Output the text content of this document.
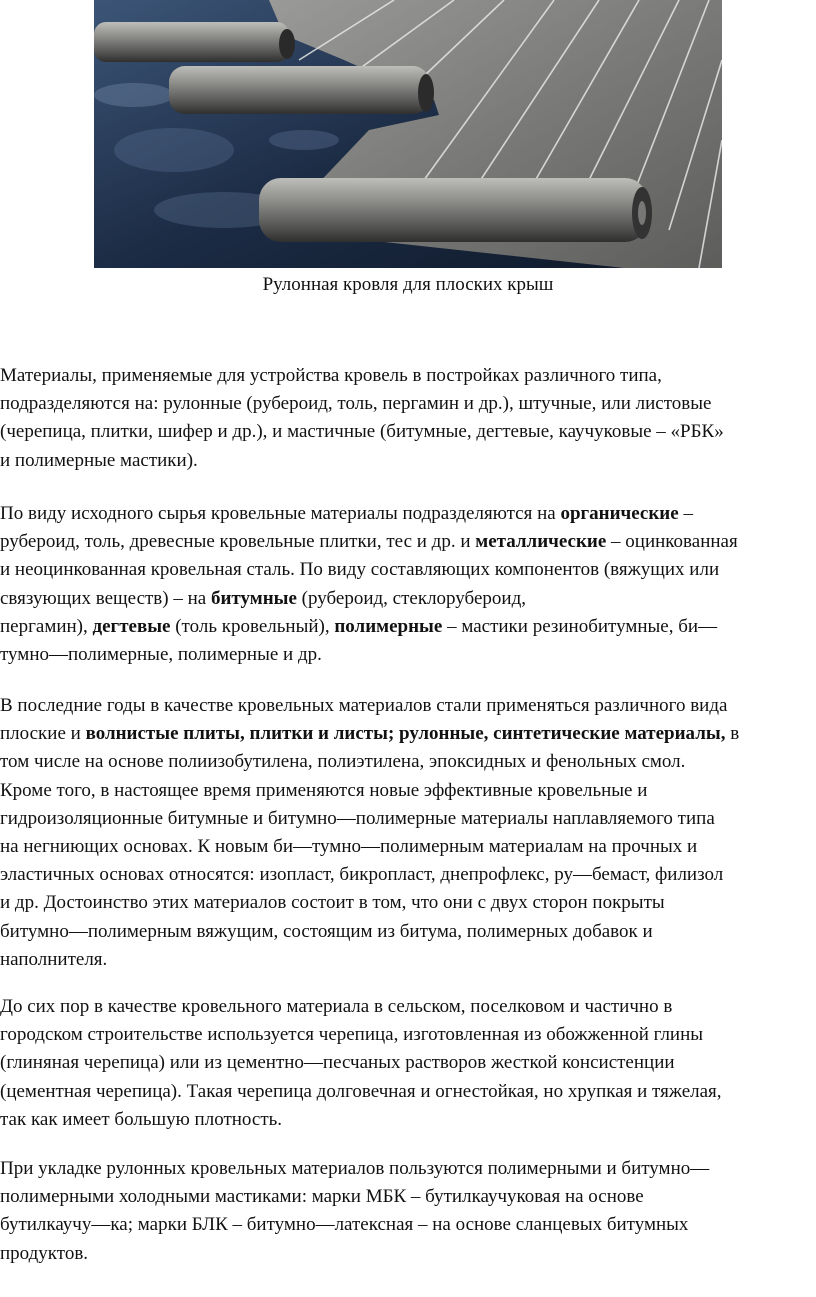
Рулонная кровля для плоских крыш

Материалы, применяемые для устройства кровель в постройках различного типа,
подразделяются на: рулонные (рубероид, толь, пергамин и др.), штучные, или листовые
(черепица, плитки, шифер и др.), и мастичные (битумные, дегтевые, каучуковые – «РБК»
и полимерные мастики).

По виду исходного сырья кровельные материалы подразделяются на органические –
рубероид, толь, древесные кровельные плитки, тес и др. и металлические – оцинкованная
и неоцинкованная кровельная сталь. По виду составляющих компонентов (вяжущих или
связующих веществ) – на битумные (рубероид, стеклорубероид,
пергамин), дегтевые (толь кровельный), полимерные – мастики резинобитумные, би—
тумно—полимерные, полимерные и др.

В последние годы в качестве кровельных материалов стали применяться различного вида
плоские и волнистые плиты, плитки и листы; рулонные, синтетические материалы, в
том числе на основе полиизобутилена, полиэтилена, эпоксидных и фенольных смол.
Кроме того, в настоящее время применяются новые эффективные кровельные и
гидроизоляционные битумные и битумно—полимерные материалы наплавляемого типа
на негниющих основах. К новым би—тумно—полимерным материалам на прочных и
эластичных основах относятся: изопласт, бикропласт, днепрофлекс, ру—бемаст, филизол
и др. Достоинство этих материалов состоит в том, что они с двух сторон покрыты
битумно—полимерным вяжущим, состоящим из битума, полимерных добавок и
наполнителя.

До сих пор в качестве кровельного материала в сельском, поселковом и частично в
городском строительстве используется черепица, изготовленная из обожженной глины
(глиняная черепица) или из цементно—песчаных растворов жесткой консистенции
(цементная черепица). Такая черепица долговечная и огнестойкая, но хрупкая и тяжелая,
так как имеет большую плотность.

При укладке рулонных кровельных материалов пользуются полимерными и битумно—
полимерными холодными мастиками: марки МБК – бутилкаучуковая на основе
бутилкаучу—ка; марки БЛК – битумно—латексная – на основе сланцевых битумных
продуктов.
